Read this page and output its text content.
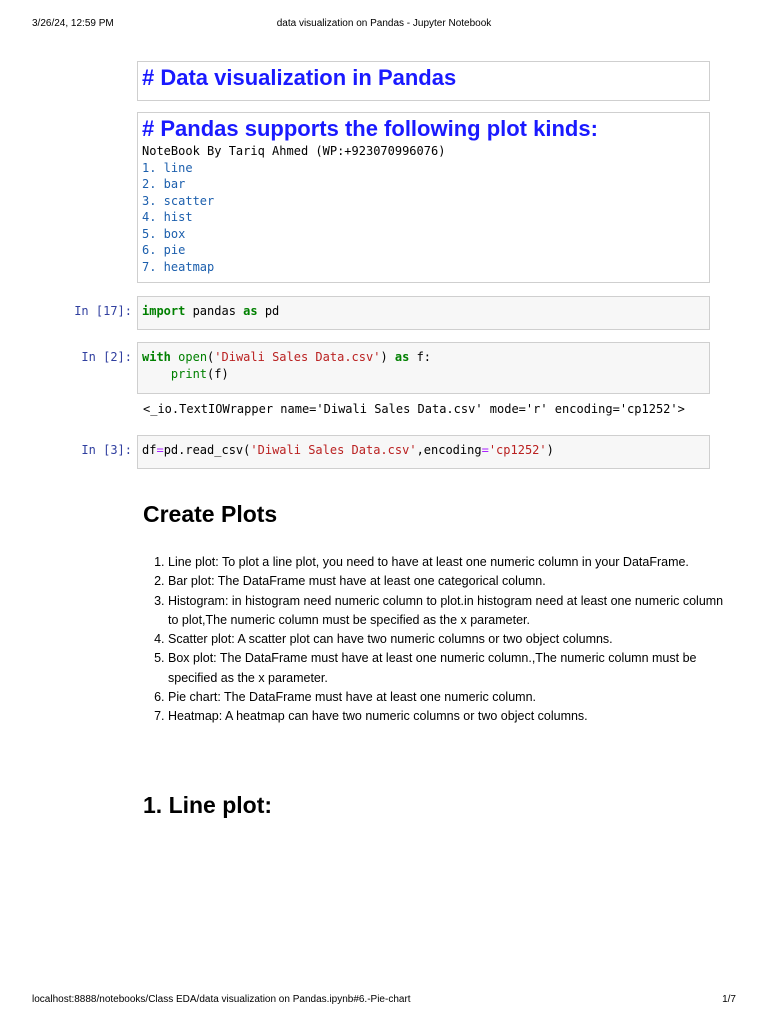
3/26/24, 12:59 PM	data visualization on Pandas - Jupyter Notebook
# Data visualization in Pandas
# Pandas supports the following plot kinds:
NoteBook By Tariq Ahmed (WP:+923070996076)
1. line
2. bar
3. scatter
4. hist
5. box
6. pie
7. heatmap
In [17]: import pandas as pd
In [2]: with open('Diwali Sales Data.csv') as f:
print(f)
<_io.TextIOWrapper name='Diwali Sales Data.csv' mode='r' encoding='cp1252'>
In [3]: df=pd.read_csv('Diwali Sales Data.csv',encoding='cp1252')
Create Plots
1. Line plot: To plot a line plot, you need to have at least one numeric column in your DataFrame.
2. Bar plot: The DataFrame must have at least one categorical column.
3. Histogram: in histogram need numeric column to plot.in histogram need at least one numeric column to plot,The numeric column must be specified as the x parameter.
4. Scatter plot: A scatter plot can have two numeric columns or two object columns.
5. Box plot: The DataFrame must have at least one numeric column.,The numeric column must be specified as the x parameter.
6. Pie chart: The DataFrame must have at least one numeric column.
7. Heatmap: A heatmap can have two numeric columns or two object columns.
1. Line plot:
localhost:8888/notebooks/Class EDA/data visualization on Pandas.ipynb#6.-Pie-chart	1/7
